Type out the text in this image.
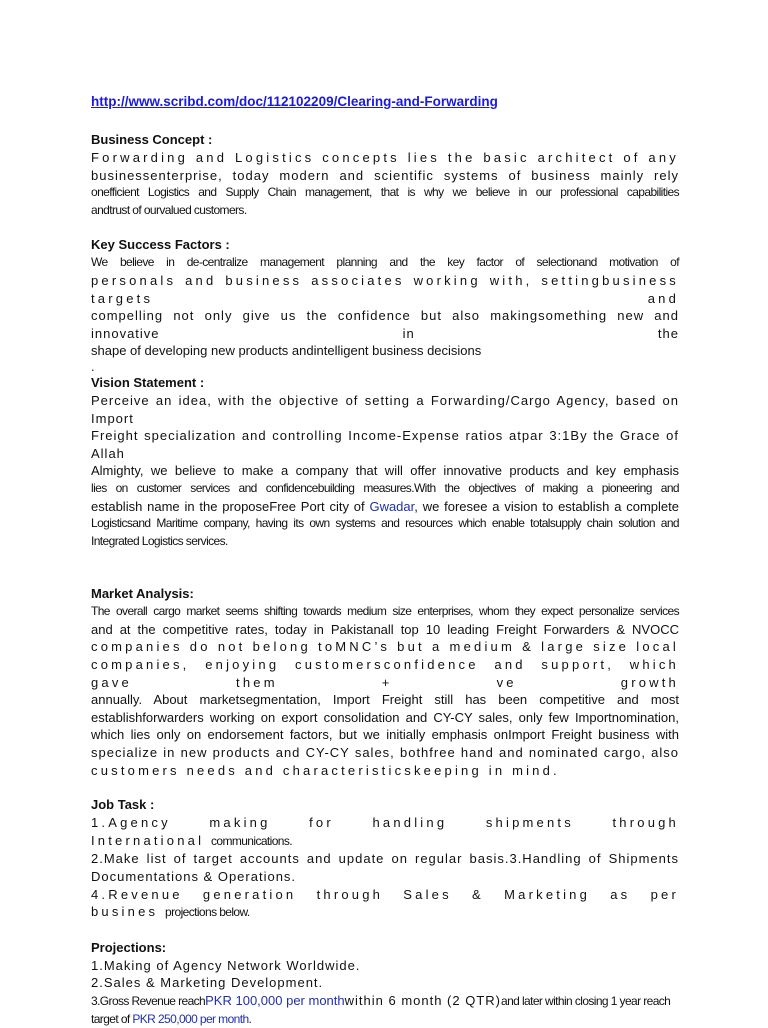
http://www.scribd.com/doc/112102209/Clearing-and-Forwarding
Business Concept :
Forwarding and Logistics concepts lies the basic architect of any
businessenterprise, today modern and scientific systems of business mainly rely
onefficient Logistics and Supply Chain management, that is why we believe in our professional capabilities
andtrust of ourvalued customers.
Key Success Factors :
We believe in de-centralize management planning and the key factor of selectionand motivation of
personals and business associates working with, settingbusiness targets and
compelling not only give us the confidence but also makingsomething new and innovative in the
shape of developing new products andintelligent business decisions
.
Vision Statement :
Perceive an idea, with the objective of setting a Forwarding/Cargo Agency, based on Import
Freight specialization and controlling Income-Expense ratios atpar 3:1By the Grace of Allah
Almighty, we believe to make a company that will offer innovative products and key emphasis
lies on customer services and confidencebuilding measures.With the objectives of making a pioneering and
establish name in the proposeFree Port city of Gwadar, we foresee a vision to establish a complete
Logisticsand Maritime company, having its own systems and resources which enable totalsupply chain solution and
Integrated Logistics services.
Market Analysis:
The overall cargo market seems shifting towards medium size enterprises, whom they expect personalize services
and at the competitive rates, today in Pakistanall top 10 leading Freight Forwarders & NVOCC
companies do not belong toMNC’s but a medium & large size local
companies, enjoying customersconfidence and support, which gave them + ve growth
annually. About marketsegmentation, Import Freight still has been competitive and most
establishforwarders working on export consolidation and CY-CY sales, only few Importnomination,
which lies only on endorsement factors, but we initially emphasis onImport Freight business with
specialize in new products and CY-CY sales, bothfree hand and nominated cargo, also
customers needs and characteristicskeeping in mind.
Job Task :
1.Agency making for handling shipments through
International communications.
2.Make list of target accounts and update on regular basis.3.Handling of Shipments
Documentations & Operations.
4.Revenue generation through Sales & Marketing as per
busines projections below.
Projections:
1.Making of Agency Network Worldwide.
2.Sales & Marketing Development.
3.Gross Revenue reachPKR 100,000 per monthwithin 6 month (2 QTR)and later within closing 1 year reach
target of PKR 250,000 per month.
